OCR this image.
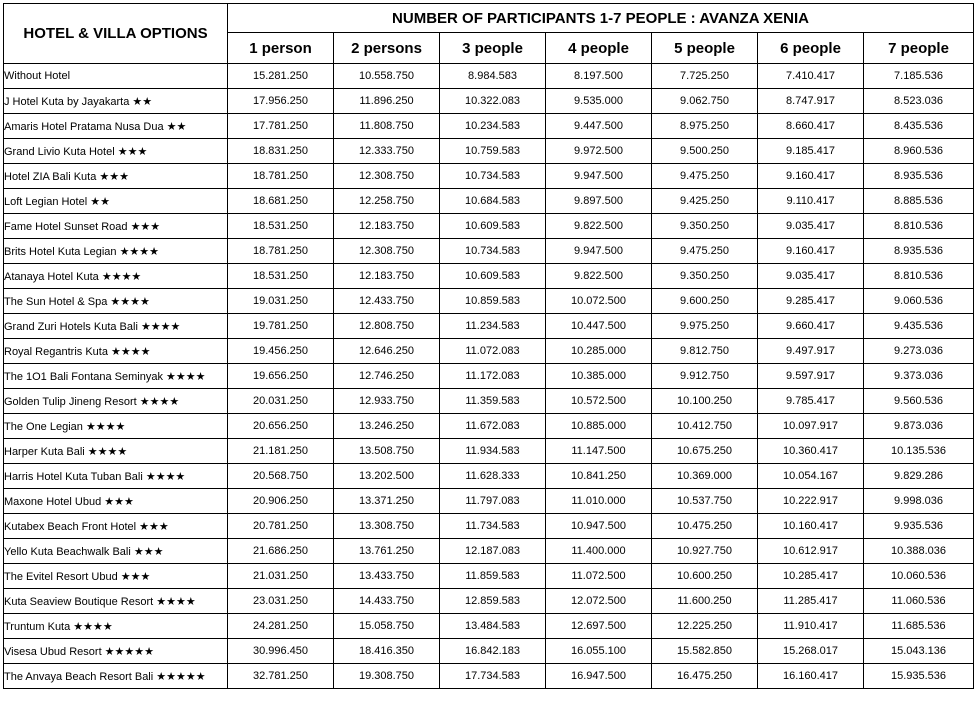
HOTEL & VILLA OPTIONS	NUMBER OF PARTICIPANTS 1-7 PEOPLE : AVANZA XENIA						
	1 person	2 persons	3 people	4 people	5 people	6 people	7 people
Without Hotel	15.281.250	10.558.750	8.984.583	8.197.500	7.725.250	7.410.417	7.185.536
J Hotel Kuta by Jayakarta ★★	17.956.250	11.896.250	10.322.083	9.535.000	9.062.750	8.747.917	8.523.036
Amaris Hotel Pratama Nusa Dua ★★	17.781.250	11.808.750	10.234.583	9.447.500	8.975.250	8.660.417	8.435.536
Grand Livio Kuta Hotel ★★★	18.831.250	12.333.750	10.759.583	9.972.500	9.500.250	9.185.417	8.960.536
Hotel ZIA Bali Kuta ★★★	18.781.250	12.308.750	10.734.583	9.947.500	9.475.250	9.160.417	8.935.536
Loft Legian Hotel ★★	18.681.250	12.258.750	10.684.583	9.897.500	9.425.250	9.110.417	8.885.536
Fame Hotel Sunset Road ★★★	18.531.250	12.183.750	10.609.583	9.822.500	9.350.250	9.035.417	8.810.536
Brits Hotel Kuta Legian ★★★★	18.781.250	12.308.750	10.734.583	9.947.500	9.475.250	9.160.417	8.935.536
Atanaya Hotel Kuta ★★★★	18.531.250	12.183.750	10.609.583	9.822.500	9.350.250	9.035.417	8.810.536
The Sun Hotel & Spa ★★★★	19.031.250	12.433.750	10.859.583	10.072.500	9.600.250	9.285.417	9.060.536
Grand Zuri Hotels Kuta Bali ★★★★	19.781.250	12.808.750	11.234.583	10.447.500	9.975.250	9.660.417	9.435.536
Royal Regantris Kuta ★★★★	19.456.250	12.646.250	11.072.083	10.285.000	9.812.750	9.497.917	9.273.036
The 1O1 Bali Fontana Seminyak ★★★★	19.656.250	12.746.250	11.172.083	10.385.000	9.912.750	9.597.917	9.373.036
Golden Tulip Jineng Resort ★★★★	20.031.250	12.933.750	11.359.583	10.572.500	10.100.250	9.785.417	9.560.536
The One Legian ★★★★	20.656.250	13.246.250	11.672.083	10.885.000	10.412.750	10.097.917	9.873.036
Harper Kuta Bali ★★★★	21.181.250	13.508.750	11.934.583	11.147.500	10.675.250	10.360.417	10.135.536
Harris Hotel Kuta Tuban Bali ★★★★	20.568.750	13.202.500	11.628.333	10.841.250	10.369.000	10.054.167	9.829.286
Maxone Hotel Ubud ★★★	20.906.250	13.371.250	11.797.083	11.010.000	10.537.750	10.222.917	9.998.036
Kutabex Beach Front Hotel ★★★	20.781.250	13.308.750	11.734.583	10.947.500	10.475.250	10.160.417	9.935.536
Yello Kuta Beachwalk Bali ★★★	21.686.250	13.761.250	12.187.083	11.400.000	10.927.750	10.612.917	10.388.036
The Evitel Resort Ubud ★★★	21.031.250	13.433.750	11.859.583	11.072.500	10.600.250	10.285.417	10.060.536
Kuta Seaview Boutique Resort ★★★★	23.031.250	14.433.750	12.859.583	12.072.500	11.600.250	11.285.417	11.060.536
Truntum Kuta ★★★★	24.281.250	15.058.750	13.484.583	12.697.500	12.225.250	11.910.417	11.685.536
Visesa Ubud Resort ★★★★★	30.996.450	18.416.350	16.842.183	16.055.100	15.582.850	15.268.017	15.043.136
The Anvaya Beach Resort Bali ★★★★★	32.781.250	19.308.750	17.734.583	16.947.500	16.475.250	16.160.417	15.935.536
